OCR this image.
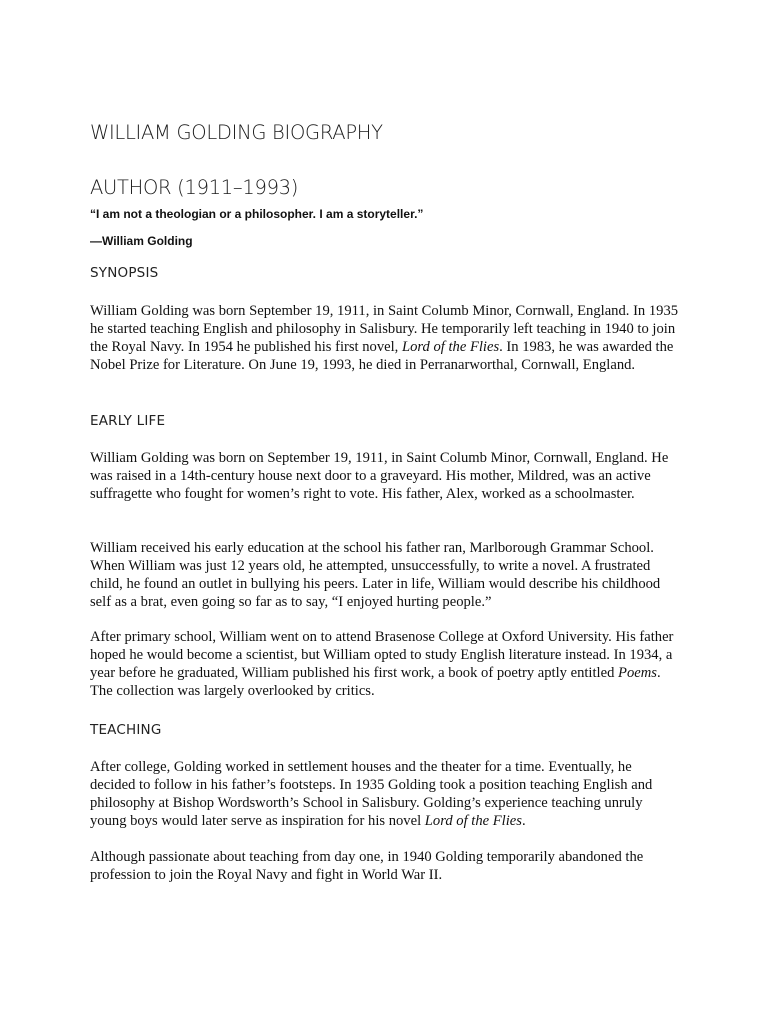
WILLIAM GOLDING BIOGRAPHY
AUTHOR (1911–1993)
“I am not a theologian or a philosopher. I am a storyteller.”
—William Golding
SYNOPSIS
William Golding was born September 19, 1911, in Saint Columb Minor, Cornwall, England. In 1935 he started teaching English and philosophy in Salisbury. He temporarily left teaching in 1940 to join the Royal Navy. In 1954 he published his first novel, Lord of the Flies. In 1983, he was awarded the Nobel Prize for Literature. On June 19, 1993, he died in Perranarworthal, Cornwall, England.
EARLY LIFE
William Golding was born on September 19, 1911, in Saint Columb Minor, Cornwall, England. He was raised in a 14th-century house next door to a graveyard. His mother, Mildred, was an active suffragette who fought for women’s right to vote. His father, Alex, worked as a schoolmaster.
William received his early education at the school his father ran, Marlborough Grammar School. When William was just 12 years old, he attempted, unsuccessfully, to write a novel. A frustrated child, he found an outlet in bullying his peers. Later in life, William would describe his childhood self as a brat, even going so far as to say, “I enjoyed hurting people.”
After primary school, William went on to attend Brasenose College at Oxford University. His father hoped he would become a scientist, but William opted to study English literature instead. In 1934, a year before he graduated, William published his first work, a book of poetry aptly entitled Poems. The collection was largely overlooked by critics.
TEACHING
After college, Golding worked in settlement houses and the theater for a time. Eventually, he decided to follow in his father’s footsteps. In 1935 Golding took a position teaching English and philosophy at Bishop Wordsworth’s School in Salisbury. Golding’s experience teaching unruly young boys would later serve as inspiration for his novel Lord of the Flies.
Although passionate about teaching from day one, in 1940 Golding temporarily abandoned the profession to join the Royal Navy and fight in World War II.
